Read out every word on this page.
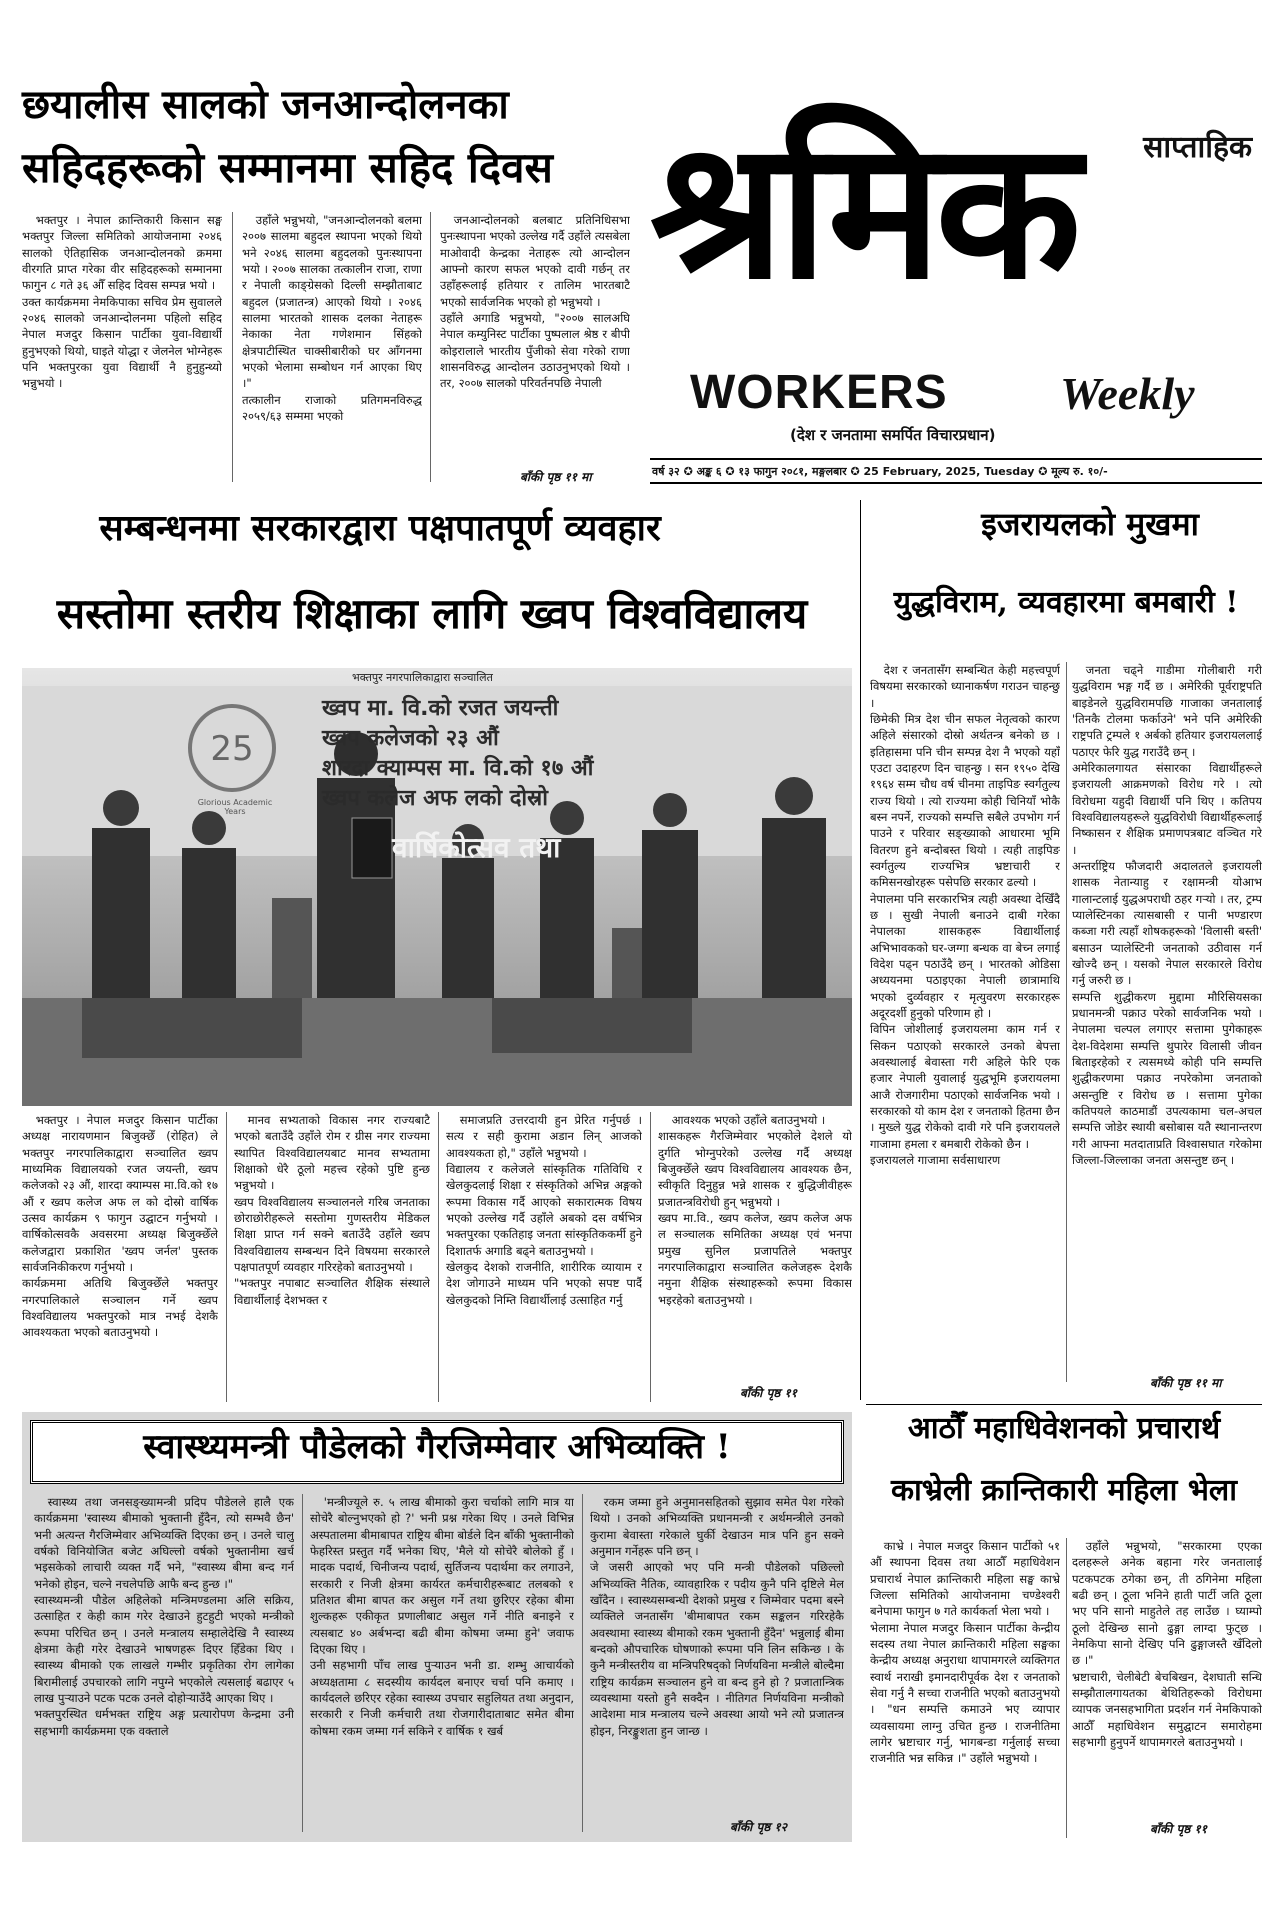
छयालीस सालको जनआन्दोलनका
सहिदहरूको सम्मानमा सहिद दिवस
भक्तपुर । नेपाल क्रान्तिकारी किसान सङ्घ भक्तपुर जिल्ला समितिको आयोजनामा २०४६ सालको ऐतिहासिक जनआन्दोलनको क्रममा वीरगति प्राप्त गरेका वीर सहिदहरूको सम्मानमा फागुन ८ गते ३६ औँ सहिद दिवस सम्पन्न भयो ।
उक्त कार्यक्रममा नेमकिपाका सचिव प्रेम सुवालले २०४६ सालको जनआन्दोलनमा पहिलो सहिद नेपाल मजदुर किसान पार्टीका युवा-विद्यार्थी हुनुभएको थियो, घाइते योद्धा र जेलनेल भोग्नेहरू पनि भक्तपुरका युवा विद्यार्थी नै हुनुहुन्थ्यो भन्नुभयो ।
उहाँले भन्नुभयो, "जनआन्दोलनको बलमा २००७ सालमा बहुदल स्थापना भएको थियो भने २०४६ सालमा बहुदलको पुनःस्थापना भयो । २००७ सालका तत्कालीन राजा, राणा र नेपाली काङ्ग्रेसको दिल्ली सम्झौताबाट बहुदल (प्रजातन्त्र) आएको थियो । २०४६ सालमा भारतको शासक दलका नेताहरू नेकाका नेता गणेशमान सिंहको क्षेत्रपाटीस्थित चाक्सीबारीको घर आँगनमा भएको भेलामा सम्बोधन गर्न आएका थिए ।"
तत्कालीन राजाको प्रतिगमनविरुद्ध २०५९/६३ सम्ममा भएको
जनआन्दोलनको बलबाट प्रतिनिधिसभा पुनःस्थापना भएको उल्लेख गर्दै उहाँले त्यसबेला माओवादी केन्द्रका नेताहरू त्यो आन्दोलन आफ्नो कारण सफल भएको दावी गर्छन् तर उहाँहरूलाई हतियार र तालिम भारतबाटै भएको सार्वजनिक भएको हो भन्नुभयो ।
उहाँले अगाडि भन्नुभयो, "२००७ सालअघि नेपाल कम्युनिस्ट पार्टीका पुष्पलाल श्रेष्ठ र बीपी कोइरालाले भारतीय पुँजीको सेवा गरेको राणा शासनविरुद्ध आन्दोलन उठाउनुभएको थियो । तर, २००७ सालको परिवर्तनपछि नेपाली
बाँकी पृष्ठ ११ मा
साप्ताहिक
श्रमिक
WORKERS Weekly
(देश र जनतामा समर्पित विचारप्रधान)
वर्ष ३२ ✪ अङ्क ६ ✪ १३ फागुन २०८१, मङ्गलबार ✪ 25 February, 2025, Tuesday ✪ मूल्य रु. १०/-
सम्बन्धनमा सरकारद्वारा पक्षपातपूर्ण व्यवहार
सस्तोमा स्तरीय शिक्षाका लागि ख्वप विश्वविद्यालय
25
भक्तपुर नगरपालिकाद्वारा सञ्चालित
Glorious Academic Years
ख्वप मा. वि.को रजत जयन्ती
ख्वप कलेजको २३ औं
शारदा क्याम्पस मा. वि.को १७ औं
ख्वप कलेज अफ लको दोस्रो
वार्षिकोत्सव तथा
भक्तपुर । नेपाल मजदुर किसान पार्टीका अध्यक्ष नारायणमान बिजुक्छेँ (रोहित) ले भक्तपुर नगरपालिकाद्वारा सञ्चालित ख्वप माध्यमिक विद्यालयको रजत जयन्ती, ख्वप कलेजको २३ औं, शारदा क्याम्पस मा.वि.को १७ औं र ख्वप कलेज अफ ल को दोस्रो वार्षिक उत्सव कार्यक्रम ९ फागुन उद्घाटन गर्नुभयो । वार्षिकोत्सवकै अवसरमा अध्यक्ष बिजुक्छेँले कलेजद्वारा प्रकाशित 'ख्वप जर्नल' पुस्तक सार्वजनिकीकरण गर्नुभयो ।
कार्यक्रममा अतिथि बिजुक्छेँले भक्तपुर नगरपालिकाले सञ्चालन गर्ने ख्वप विश्वविद्यालय भक्तपुरको मात्र नभई देशकै आवश्यकता भएको बताउनुभयो ।
मानव सभ्यताको विकास नगर राज्यबाटै भएको बताउँदै उहाँले रोम र ग्रीस नगर राज्यमा स्थापित विश्वविद्यालयबाट मानव सभ्यतामा शिक्षाको धेरै ठूलो महत्त्व रहेको पुष्टि हुन्छ भन्नुभयो ।
ख्वप विश्वविद्यालय सञ्चालनले गरिब जनताका छोराछोरीहरूले सस्तोमा गुणस्तरीय मेडिकल शिक्षा प्राप्त गर्न सक्ने बताउँदै उहाँले ख्वप विश्वविद्यालय सम्बन्धन दिने विषयमा सरकारले पक्षपातपूर्ण व्यवहार गरिरहेको बताउनुभयो ।
"भक्तपुर नपाबाट सञ्चालित शैक्षिक संस्थाले विद्यार्थीलाई देशभक्त र
समाजप्रति उत्तरदायी हुन प्रेरित गर्नुपर्छ । सत्य र सही कुरामा अडान लिन् आजको आवश्यकता हो," उहाँले भन्नुभयो ।
विद्यालय र कलेजले सांस्कृतिक गतिविधि र खेलकुदलाई शिक्षा र संस्कृतिको अभिन्न अङ्गको रूपमा विकास गर्दै आएको सकारात्मक विषय भएको उल्लेख गर्दै उहाँले अबको दस वर्षभित्र भक्तपुरका एकतिहाइ जनता सांस्कृतिककर्मी हुने दिशातर्फ अगाडि बढ्ने बताउनुभयो ।
खेलकुद देशको राजनीति, शारीरिक व्यायाम र देश जोगाउने माध्यम पनि भएको सपष्ट पार्दै खेलकुदको निम्ति विद्यार्थीलाई उत्साहित गर्नु
आवश्यक भएको उहाँले बताउनुभयो ।
शासकहरू गैरजिम्मेवार भएकोले देशले यो दुर्गति भोग्नुपरेको उल्लेख गर्दै अध्यक्ष बिजुक्छेँले ख्वप विश्वविद्यालय आवश्यक छैन, स्वीकृति दिनुहुन्न भन्ने शासक र बुद्धिजीवीहरू प्रजातन्त्रविरोधी हुन् भन्नुभयो ।
ख्वप मा.वि., ख्वप कलेज, ख्वप कलेज अफ ल सञ्चालक समितिका अध्यक्ष एवं भनपा प्रमुख सुनिल प्रजापतिले भक्तपुर नगरपालिकाद्वारा सञ्चालित कलेजहरू देशकै नमुना शैक्षिक संस्थाहरूको रूपमा विकास भइरहेको बताउनुभयो ।
बाँकी पृष्ठ ११
इजरायलको मुखमा
युद्धविराम, व्यवहारमा बमबारी !
देश र जनतासँग सम्बन्धित केही महत्त्वपूर्ण विषयमा सरकारको ध्यानाकर्षण गराउन चाहन्छु ।
छिमेकी मित्र देश चीन सफल नेतृत्वको कारण अहिले संसारको दोस्रो अर्थतन्त्र बनेको छ । इतिहासमा पनि चीन सम्पन्न देश नै भएको यहाँ एउटा उदाहरण दिन चाहन्छु । सन १९५० देखि १९६४ सम्म चौध वर्ष चीनमा ताइपिङ स्वर्गतुल्य राज्य थियो । त्यो राज्यमा कोही चिनियाँ भोकै बस्न नपर्ने, राज्यको सम्पत्ति सबैले उपभोग गर्न पाउने र परिवार सङ्ख्याको आधारमा भूमि वितरण हुने बन्दोबस्त थियो । त्यही ताइपिङ स्वर्गतुल्य राज्यभित्र भ्रष्टाचारी र कमिसनखोरहरू पसेपछि सरकार ढल्यो ।
नेपालमा पनि सरकारभित्र त्यही अवस्था देखिँदै छ । सुखी नेपाली बनाउने दाबी गरेका नेपालका शासकहरू विद्यार्थीलाई अभिभावकको घर-जग्गा बन्धक वा बेच्न लगाई विदेश पढ्न पठाउँदै छन् । भारतको ओडिसा अध्ययनमा पठाइएका नेपाली छात्रामाथि भएको दुर्व्यवहार र मृत्युवरण सरकारहरू अदूरदर्शी हुनुको परिणाम हो ।
विपिन जोशीलाई इजरायलमा काम गर्न र सिकन पठाएको सरकारले उनको बेपत्ता अवस्थालाई बेवास्ता गरी अहिले फेरि एक हजार नेपाली युवालाई युद्धभूमि इजरायलमा आजै रोजगारीमा पठाएको सार्वजनिक भयो । सरकारको यो काम देश र जनताको हितमा छैन । मुख्ले युद्ध रोकेको दावी गरे पनि इजरायलले गाजामा हमला र बमबारी रोकेको छैन ।
इजरायलले गाजामा सर्वसाधारण
जनता चढ्ने गाडीमा गोलीबारी गरी युद्धविराम भङ्ग गर्दै छ । अमेरिकी पूर्वराष्ट्रपति बाइडेनले युद्धविरामपछि गाजाका जनतालाई 'तिनकै टोलमा फर्काउने' भने पनि अमेरिकी राष्ट्रपति ट्रम्पले १ अर्बको हतियार इजरायललाई पठाएर फेरि युद्ध गराउँदै छन् ।
अमेरिकालगायत संसारका विद्यार्थीहरूले इजरायली आक्रमणको विरोध गरे । त्यो विरोधमा यहुदी विद्यार्थी पनि थिए । कतिपय विश्वविद्यालयहरूले युद्धविरोधी विद्यार्थीहरूलाई निष्कासन र शैक्षिक प्रमाणपत्रबाट वञ्चित गरे ।
अन्तर्राष्ट्रिय फौजदारी अदालतले इजरायली शासक नेतान्याहु र रक्षामन्त्री योआभ गालान्टलाई युद्धअपराधी ठहर गऱ्यो । तर, ट्रम्प प्यालेस्टिनका त्यासबासी र पानी भण्डारण कब्जा गरी त्यहाँ शोषकहरूको 'विलासी बस्ती' बसाउन प्यालेस्टिनी जनताको उठीवास गर्न खोज्दै छन् । यसको नेपाल सरकारले विरोध गर्नु जरुरी छ ।
सम्पत्ति शुद्धीकरण मुद्दामा मौरिसियसका प्रधानमन्त्री पक्राउ परेको सार्वजनिक भयो । नेपालमा चल्पल लगाएर सत्तामा पुगेकाहरू देश-विदेशमा सम्पत्ति थुपारेर विलासी जीवन बिताइरहेको र त्यसमध्ये कोही पनि सम्पत्ति शुद्धीकरणमा पक्राउ नपरेकोमा जनताको असन्तुष्टि र विरोध छ । सत्तामा पुगेका कतिपयले काठमाडौं उपत्यकामा चल-अचल सम्पत्ति जोडेर स्थायी बसोबास यतै स्थानान्तरण गरी आफ्ना मतदाताप्रति विश्वासघात गरेकोमा जिल्ला-जिल्लाका जनता असन्तुष्ट छन् ।
बाँकी पृष्ठ ११ मा
स्वास्थ्यमन्त्री पौडेलको गैरजिम्मेवार अभिव्यक्ति !
स्वास्थ्य तथा जनसङ्ख्यामन्त्री प्रदिप पौडेलले हालै एक कार्यक्रममा 'स्वास्थ्य बीमाको भुक्तानी हुँदैन, त्यो सम्भवै छैन' भनी अत्यन्त गैरजिम्मेवार अभिव्यक्ति दिएका छन् । उनले चालु वर्षको विनियोजित बजेट अघिल्लो वर्षको भुक्तानीमा खर्च भइसकेको लाचारी व्यक्त गर्दै भने, "स्वास्थ्य बीमा बन्द गर्न भनेको होइन, चल्ने नचलेपछि आफै बन्द हुन्छ ।"
स्वास्थ्यमन्त्री पौडेल अहिलेको मन्त्रिमण्डलमा अलि सक्रिय, उत्साहित र केही काम गरेर देखाउने हुटहुटी भएको मन्त्रीको रूपमा परिचित छन् । उनले मन्त्रालय सम्हालेदेखि नै स्वास्थ्य क्षेत्रमा केही गरेर देखाउने भाषणहरू दिएर हिँडेका थिए । स्वास्थ्य बीमाको एक लाखले गम्भीर प्रकृतिका रोग लागेका बिरामीलाई उपचारको लागि नपुग्ने भएकोले त्यसलाई बढाएर ५ लाख पुऱ्याउने पटक पटक उनले दोहोऱ्याउँदै आएका थिए ।
भक्तपुरस्थित धर्मभक्त राष्ट्रिय अङ्ग प्रत्यारोपण केन्द्रमा उनी सहभागी कार्यक्रममा एक वक्ताले
'मन्त्रीज्यूले रु. ५ लाख बीमाको कुरा चर्चाको लागि मात्र या सोचेरै बोल्नुभएको हो ?' भनी प्रश्न गरेका थिए । उनले विभिन्न अस्पतालमा बीमाबापत राष्ट्रिय बीमा बोर्डले दिन बाँकी भुक्तानीको फेहरिस्त प्रस्तुत गर्दै भनेका थिए, 'मैले यो सोचेरै बोलेको हुँ । मादक पदार्थ, चिनीजन्य पदार्थ, सुर्तिजन्य पदार्थमा कर लगाउने, सरकारी र निजी क्षेत्रमा कार्यरत कर्मचारीहरूबाट तलबको १ प्रतिशत बीमा बापत कर असुल गर्ने तथा छुरिएर रहेका बीमा शुल्कहरू एकीकृत प्रणालीबाट असुल गर्ने नीति बनाइने र त्यसबाट ४० अर्बभन्दा बढी बीमा कोषमा जम्मा हुने' जवाफ दिएका थिए ।
उनी सहभागी पाँच लाख पुऱ्याउन भनी डा. शम्भु आचार्यको अध्यक्षतामा ८ सदस्यीय कार्यदल बनाएर चर्चा पनि कमाए । कार्यदलले छरिएर रहेका स्वास्थ्य उपचार सहुलियत तथा अनुदान, सरकारी र निजी कर्मचारी तथा रोजगारीदाताबाट समेत बीमा कोषमा रकम जम्मा गर्न सकिने र वार्षिक १ खर्ब
रकम जम्मा हुने अनुमानसहितको सुझाव समेत पेश गरेको थियो । उनको अभिव्यक्ति प्रधानमन्त्री र अर्थमन्त्रीले उनको कुरामा बेवास्ता गरेकाले घुर्की देखाउन मात्र पनि हुन सक्ने अनुमान गर्नेहरू पनि छन् ।
जे जसरी आएको भए पनि मन्त्री पौडेलको पछिल्लो अभिव्यक्ति नैतिक, व्यावहारिक र पदीय कुनै पनि दृष्टिले मेल खाँदैन । स्वास्थ्यसम्बन्धी देशको प्रमुख र जिम्मेवार पदमा बस्ने व्यक्तिले जनतासँग 'बीमाबापत रकम सङ्कलन गरिरहेकै अवस्थामा स्वास्थ्य बीमाको रकम भुक्तानी हुँदैन' भन्नुलाई बीमा बन्दको औपचारिक घोषणाको रूपमा पनि लिन सकिन्छ । के कुनै मन्त्रीस्तरीय वा मन्त्रिपरिषद्को निर्णयविना मन्त्रीले बोल्दैमा राष्ट्रिय कार्यक्रम सञ्चालन हुने वा बन्द हुने हो ? प्रजातान्त्रिक व्यवस्थामा यस्तो हुनै सक्दैन । नीतिगत निर्णयविना मन्त्रीको आदेशमा मात्र मन्त्रालय चल्ने अवस्था आयो भने त्यो प्रजातन्त्र होइन, निरङ्कुशता हुन जान्छ ।
बाँकी पृष्ठ १२
आठौँ महाधिवेशनको प्रचारार्थ
काभ्रेली क्रान्तिकारी महिला भेला
काभ्रे । नेपाल मजदुर किसान पार्टीको ५१ औं स्थापना दिवस तथा आठौँ महाधिवेशन प्रचारार्थ नेपाल क्रान्तिकारी महिला सङ्घ काभ्रे जिल्ला समितिको आयोजनामा चण्डेश्वरी बनेपामा फागुन ७ गते कार्यकर्ता भेला भयो ।
भेलामा नेपाल मजदुर किसान पार्टीका केन्द्रीय सदस्य तथा नेपाल क्रान्तिकारी महिला सङ्घका केन्द्रीय अध्यक्ष अनुराधा थापामगरले व्यक्तिगत स्वार्थ नराखी इमानदारीपूर्वक देश र जनताको सेवा गर्नु नै सच्चा राजनीति भएको बताउनुभयो । "धन सम्पत्ति कमाउने भए व्यापार व्यवसायमा लाग्नु उचित हुन्छ । राजनीतिमा लागेर भ्रष्टाचार गर्नु, भागबन्डा गर्नुलाई सच्चा राजनीति भन्न सकिन्न ।" उहाँले भन्नुभयो ।
उहाँले भन्नुभयो, "सरकारमा एएका दलहरूले अनेक बहाना गरेर जनतालाई पटकपटक ठगेका छन्, ती ठगिनेमा महिला बढी छन् । ठूला भनिने हाती पार्टी जति ठूला भए पनि सानो माहुतेले तह लाउँछ । घ्याम्पो ठूलो देखिन्छ सानो ढुङ्गा लाग्दा फुट्छ । नेमकिपा सानो देखिए पनि ढुङ्गाजस्तै खँदिलो छ ।"
भ्रष्टाचारी, चेलीबेटी बेचबिखन, देशघाती सन्धि सम्झौतालगायतका बेथितिहरूको विरोधमा व्यापक जनसहभागिता प्रदर्शन गर्न नेमकिपाको आठौँ महाधिवेशन समुद्घाटन समारोहमा सहभागी हुनुपर्ने थापामगरले बताउनुभयो ।
बाँकी पृष्ठ ११
